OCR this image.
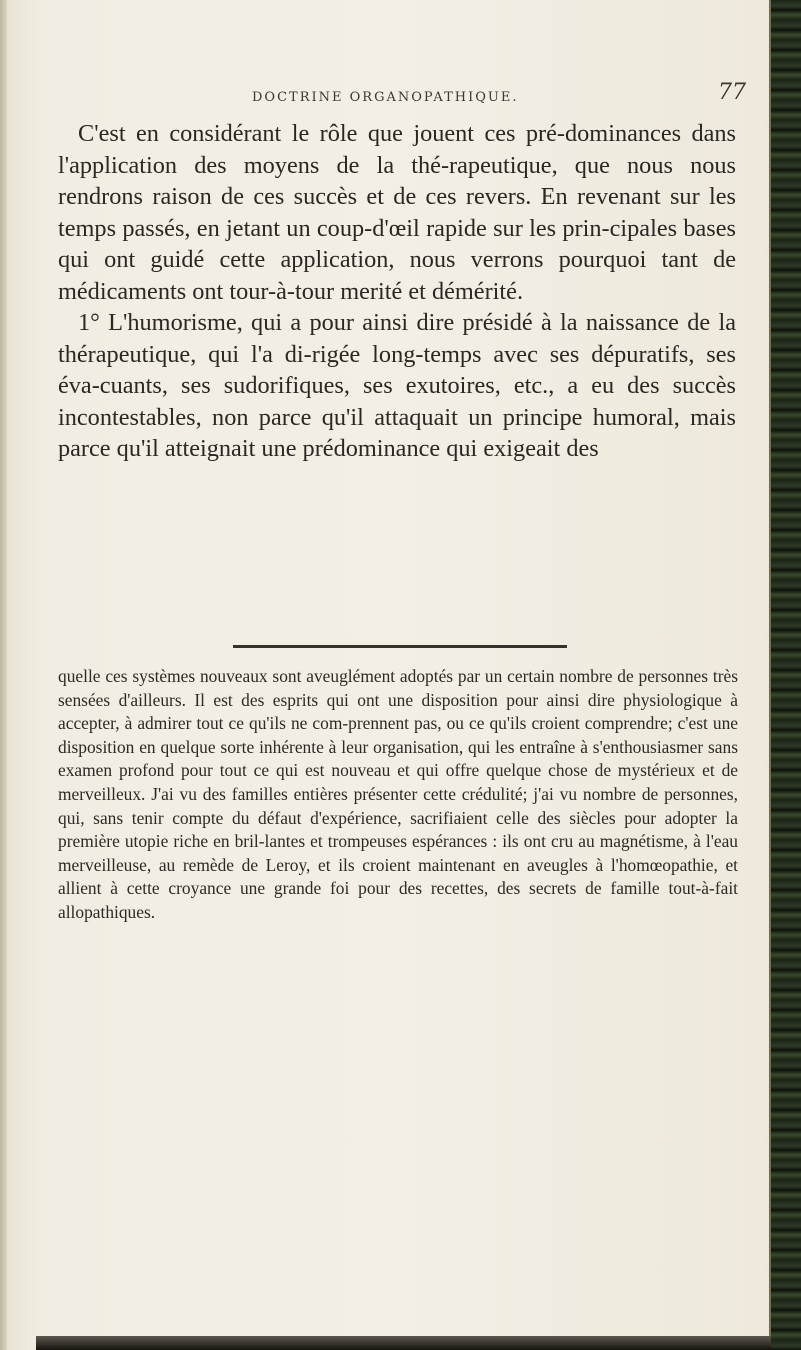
DOCTRINE ORGANOPATHIQUE.	77

C'est en considérant le rôle que jouent ces pré-dominances dans l'application des moyens de la thé-rapeutique, que nous nous rendrons raison de ces succès et de ces revers. En revenant sur les temps passés, en jetant un coup-d'œil rapide sur les prin-cipales bases qui ont guidé cette application, nous verrons pourquoi tant de médicaments ont tour-à-tour merité et démérité.

1° L'humorisme, qui a pour ainsi dire présidé à la naissance de la thérapeutique, qui l'a di-rigée long-temps avec ses dépuratifs, ses éva-cuants, ses sudorifiques, ses exutoires, etc., a eu des succès incontestables, non parce qu'il attaquait un principe humoral, mais parce qu'il atteignait une prédominance qui exigeait des

quelle ces systèmes nouveaux sont aveuglément adoptés par un certain nombre de personnes très sensées d'ailleurs. Il est des esprits qui ont une disposition pour ainsi dire physiologique à accepter, à admirer tout ce qu'ils ne com-prennent pas, ou ce qu'ils croient comprendre; c'est une disposition en quelque sorte inhérente à leur organisation, qui les entraîne à s'enthousiasmer sans examen profond pour tout ce qui est nouveau et qui offre quelque chose de mystérieux et de merveilleux. J'ai vu des familles entières présenter cette crédulité; j'ai vu nombre de personnes, qui, sans tenir compte du défaut d'expérience, sacrifiaient celle des siècles pour adopter la première utopie riche en bril-lantes et trompeuses espérances : ils ont cru au magnétisme, à l'eau merveilleuse, au remède de Leroy, et ils croient maintenant en aveugles à l'homœopathie, et allient à cette croyance une grande foi pour des recettes, des secrets de famille tout-à-fait allopathiques.
